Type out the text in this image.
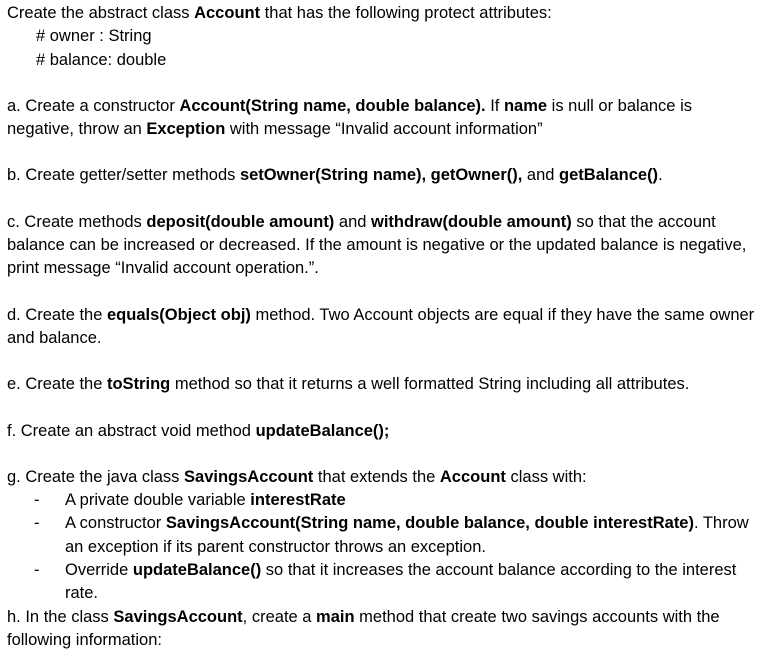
Create the abstract class Account that has the following protect attributes:

# owner : String

# balance: double

a. Create a constructor Account(String name, double balance). If name is null or balance is negative, throw an Exception with message “Invalid account information”

b. Create getter/setter methods setOwner(String name), getOwner(), and getBalance().

c. Create methods deposit(double amount) and withdraw(double amount) so that the account balance can be increased or decreased. If the amount is negative or the updated balance is negative, print message “Invalid account operation.”.

d. Create the equals(Object obj) method. Two Account objects are equal if they have the same owner and balance.

e. Create the toString method so that it returns a well formatted String including all attributes.

f. Create an abstract void method updateBalance();

g. Create the java class SavingsAccount that extends the Account class with:

- A private double variable interestRate
- A constructor SavingsAccount(String name, double balance, double interestRate). Throw an exception if its parent constructor throws an exception.
- Override updateBalance() so that it increases the account balance according to the interest rate.

h. In the class SavingsAccount, create a main method that create two savings accounts with the following information:
